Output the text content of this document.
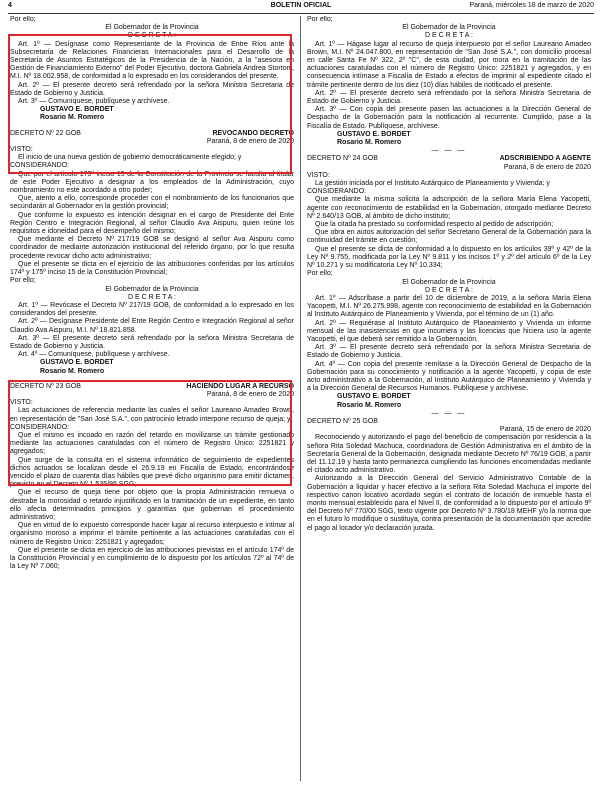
4	BOLETIN OFICIAL	Paraná, miércoles 18 de marzo de 2020

Por ello;

El Gobernador de la Provincia

D E C R E T A :

Art. 1º — Desígnase como Representante de la Provincia de Entre Ríos ante la Subsecretaría de Relaciones Financieras Internacionales para el Desarrollo de la Secretaría de Asuntos Estratégicos de la Presidencia de la Nación, a la "asesora en Gestión de Financiamiento Externo" del Poder Ejecutivo, doctora Gabriela Andrea Stortoni, M.I. Nº 18.002.958, de conformidad a lo expresado en los considerandos del presente.

Art. 2º — El presente decreto será refrendado por la señora Ministra Secretaria de Estado de Gobierno y Justicia.

Art. 3º — Comuníquese, publíquese y archívese.

GUSTAVO E. BORDET

Rosario M. Romero

DECRETO Nº 22 GOB	REVOCANDO DECRETO

Paraná, 8 de enero de 2020

VISTO:

El inicio de una nueva gestión de gobierno democráticamente elegido; y

CONSIDERANDO:

Que por el artículo 175º inciso 15 de la Constitución de la Provincia se faculta al titular de este Poder Ejecutivo a designar a los empleados de la Administración, cuyo nombramiento no esté acordado a otro poder;

Que, atento a ello, corresponde proceder con el nombramiento de los funcionarios que secundarán al Gobernador en la gestión provincial;

Que conforme lo expuesto es intención designar en el cargo de Presidente del Ente Región Centro e Integración Regional, al señor Claudio Ava Aispuru, quien reúne los requisitos e idoneidad para el desempeño del mismo;

Que mediante el Decreto Nº 217/19 GOB se designó al señor Ava Aispuru como coordinador de mediante autorización institucional del referido órgano, por lo que resulta procedente revocar dicho acto administrativo;

Que el presente se dicta en el ejercicio de las atribuciones conferidas por los artículos 174º y 175º inciso 15 de la Constitución Provincial;

Por ello;

El Gobernador de la Provincia

D E C R E T A :

Art. 1º — Revócase el Decreto Nº 217/19 GOB, de conformidad a lo expresado en los considerandos del presente.

Art. 2º — Desígnase Presidente del Ente Región Centro e Integración Regional al señor Claudio Ava Aispuru, M.I. Nº 18.821.858.

Art. 3º — El presente decreto será refrendado por la señora Ministra Secretaria de Estado de Gobierno y Justicia.

Art. 4º — Comuníquese, publíquese y archívese.

GUSTAVO E. BORDET

Rosario M. Romero

DECRETO Nº 23 GOB	HACIENDO LUGAR A RECURSO

Paraná, 8 de enero de 2020

VISTO:

Las actuaciones de referencia mediante las cuales el señor Laureano Amadeo Brown, en representación de "San José S.A.", con patrocinio letrado interpone recurso de queja; y

CONSIDERANDO:

Que el mismo es incoado en razón del retardo en movilizarse un trámite gestionado mediante las actuaciones caratuladas con el número de Registro Único: 2251821 y agregados;

Que surge de la consulta en el sistema informático de seguimiento de expedientes dichos actuados se localizan desde el 26.9.19 en Fiscalía de Estado, encontrándose vencido el plazo de cuarenta días hábiles que prevé dicho organismo para emitir dictamen, previsto en el Decreto Nº 1.535/95 SGG;

Que el recurso de queja tiene por objeto que la propia Administración remueva o destrabe la morosidad o retardo injustificado en la tramitación de un expediente, en tanto ello afecta determinados principios y garantías que gobiernan el procedimiento administrativo;

Que en virtud de lo expuesto corresponde hacer lugar al recurso interpuesto e intimar al organismo moroso a imprimir el trámite pertinente a las actuaciones caratuladas con el número de Registro Único: 2251821 y agregados;

Que el presente se dicta en ejercicio de las atribuciones previstas en el artículo 174º de la Constitución Provincial y en cumplimiento de lo dispuesto por los artículos 72º al 74º de la Ley Nº 7.060;

Por ello;

El Gobernador de la Provincia

D E C R E T A :

Art. 1º — Hágase lugar al recurso de queja interpuesto por el señor Laureano Amadeo Brown, M.I. Nº 24.047.800, en representación de "San José S.A.", con domicilio procesal en calle Santa Fe Nº 322, 2º "C", de esta ciudad, por mora en la tramitación de las actuaciones caratuladas con el número de Registro Único: 2251821 y agregados, y en consecuencia intímase a Fiscalía de Estado a efectos de imprimir al expediente citado el trámite pertinente dentro de los diez (10) días hábiles de notificado el presente.

Art. 2º — El presente decreto será refrendado por la señora Ministra Secretaria de Estado de Gobierno y Justicia.

Art. 3º — Con copia del presente pasen las actuaciones a la Dirección General de Despacho de la Gobernación para la notificación al recurrente. Cumplido, pase a la Fiscalía de Estado. Publíquese, archívese.

GUSTAVO E. BORDET

Rosario M. Romero

— — —

DECRETO Nº 24 GOB	ADSCRIBIENDO A AGENTE

Paraná, 8 de enero de 2020

VISTO:

La gestión iniciada por el Instituto Autárquico de Planeamiento y Vivienda; y

CONSIDERANDO:

Que mediante la misma solicita la adscripción de la señora María Elena Yacopetti, agente con reconocimiento de estabilidad en la Gobernación, otorgado mediante Decreto Nº 2.640/13 GOB, al ámbito de dicho instituto;

Que la citada ha prestado su conformidad respecto al pedido de adscripción;

Que obra en autos autorización del señor Secretario General de la Gobernación para la continuidad del trámite en cuestión;

Que el presente se dicta de conformidad a lo dispuesto en los artículos 39º y 42º de la Ley Nº 9.755, modificada por la Ley Nº 9.811 y los incisos 1º y 2º del artículo 6º de la Ley Nº 10.271 y su modificatoria Ley Nº 10.334;

Por ello;

El Gobernador de la Provincia

D E C R E T A :

Art. 1º — Adscríbase a partir del 10 de diciembre de 2019, a la señora María Elena Yacopetti, M.I. Nº 26.275.998, agente con reconocimiento de estabilidad en la Gobernación al Instituto Autárquico de Planeamiento y Vivienda, por el término de un (1) año.

Art. 2º — Requiérase al Instituto Autárquico de Planeamiento y Vivienda un informe mensual de las inasistencias en que incurriera y las licencias que hiciera uso la agente Yacopetti, el que deberá ser remitido a la Gobernación.

Art. 3º — El presente decreto será refrendado por la señora Ministra Secretaria de Estado de Gobierno y Justicia.

Art. 4º — Con copia del presente remítase a la Dirección General de Despacho de la Gobernación para su conocimiento y notificación a la agente Yacopetti, y copia de este acto administrativo a la Gobernación, al Instituto Autárquico de Planeamiento y Vivienda y a la Dirección General de Recursos Humanos. Publíquese y archívese.

GUSTAVO E. BORDET

Rosario M. Romero

— — —

DECRETO Nº 25 GOB

Paraná, 15 de enero de 2020

Reconociendo y autorizando el pago del beneficio de compensación por residencia a la señora Rita Soledad Machuca, coordinadora de Gestión Administrativa en el ámbito de la Secretaría General de la Gobernación, designada mediante Decreto Nº 76/19 GOB, a partir del 11.12.19 y hasta tanto permanezca cumpliendo las funciones encomendadas mediante el citado acto administrativo.

Autorizando a la Dirección General del Servicio Administrativo Contable de la Gobernación a liquidar y hacer efectivo a la señora Rita Soledad Machuca el importe del respectivo canon locativo acordado según el contrato de locación de inmueble hasta el monto mensual establecido para el Nivel II, de conformidad a lo dispuesto por el artículo 9º del Decreto Nº 770/00 SGG, texto vigente por Decreto Nº 3.780/18 MEHF y/o la norma que en el futuro lo modifique o sustituya, contra presentación de la documentación que acredite el pago al locador y/o declaración jurada.
